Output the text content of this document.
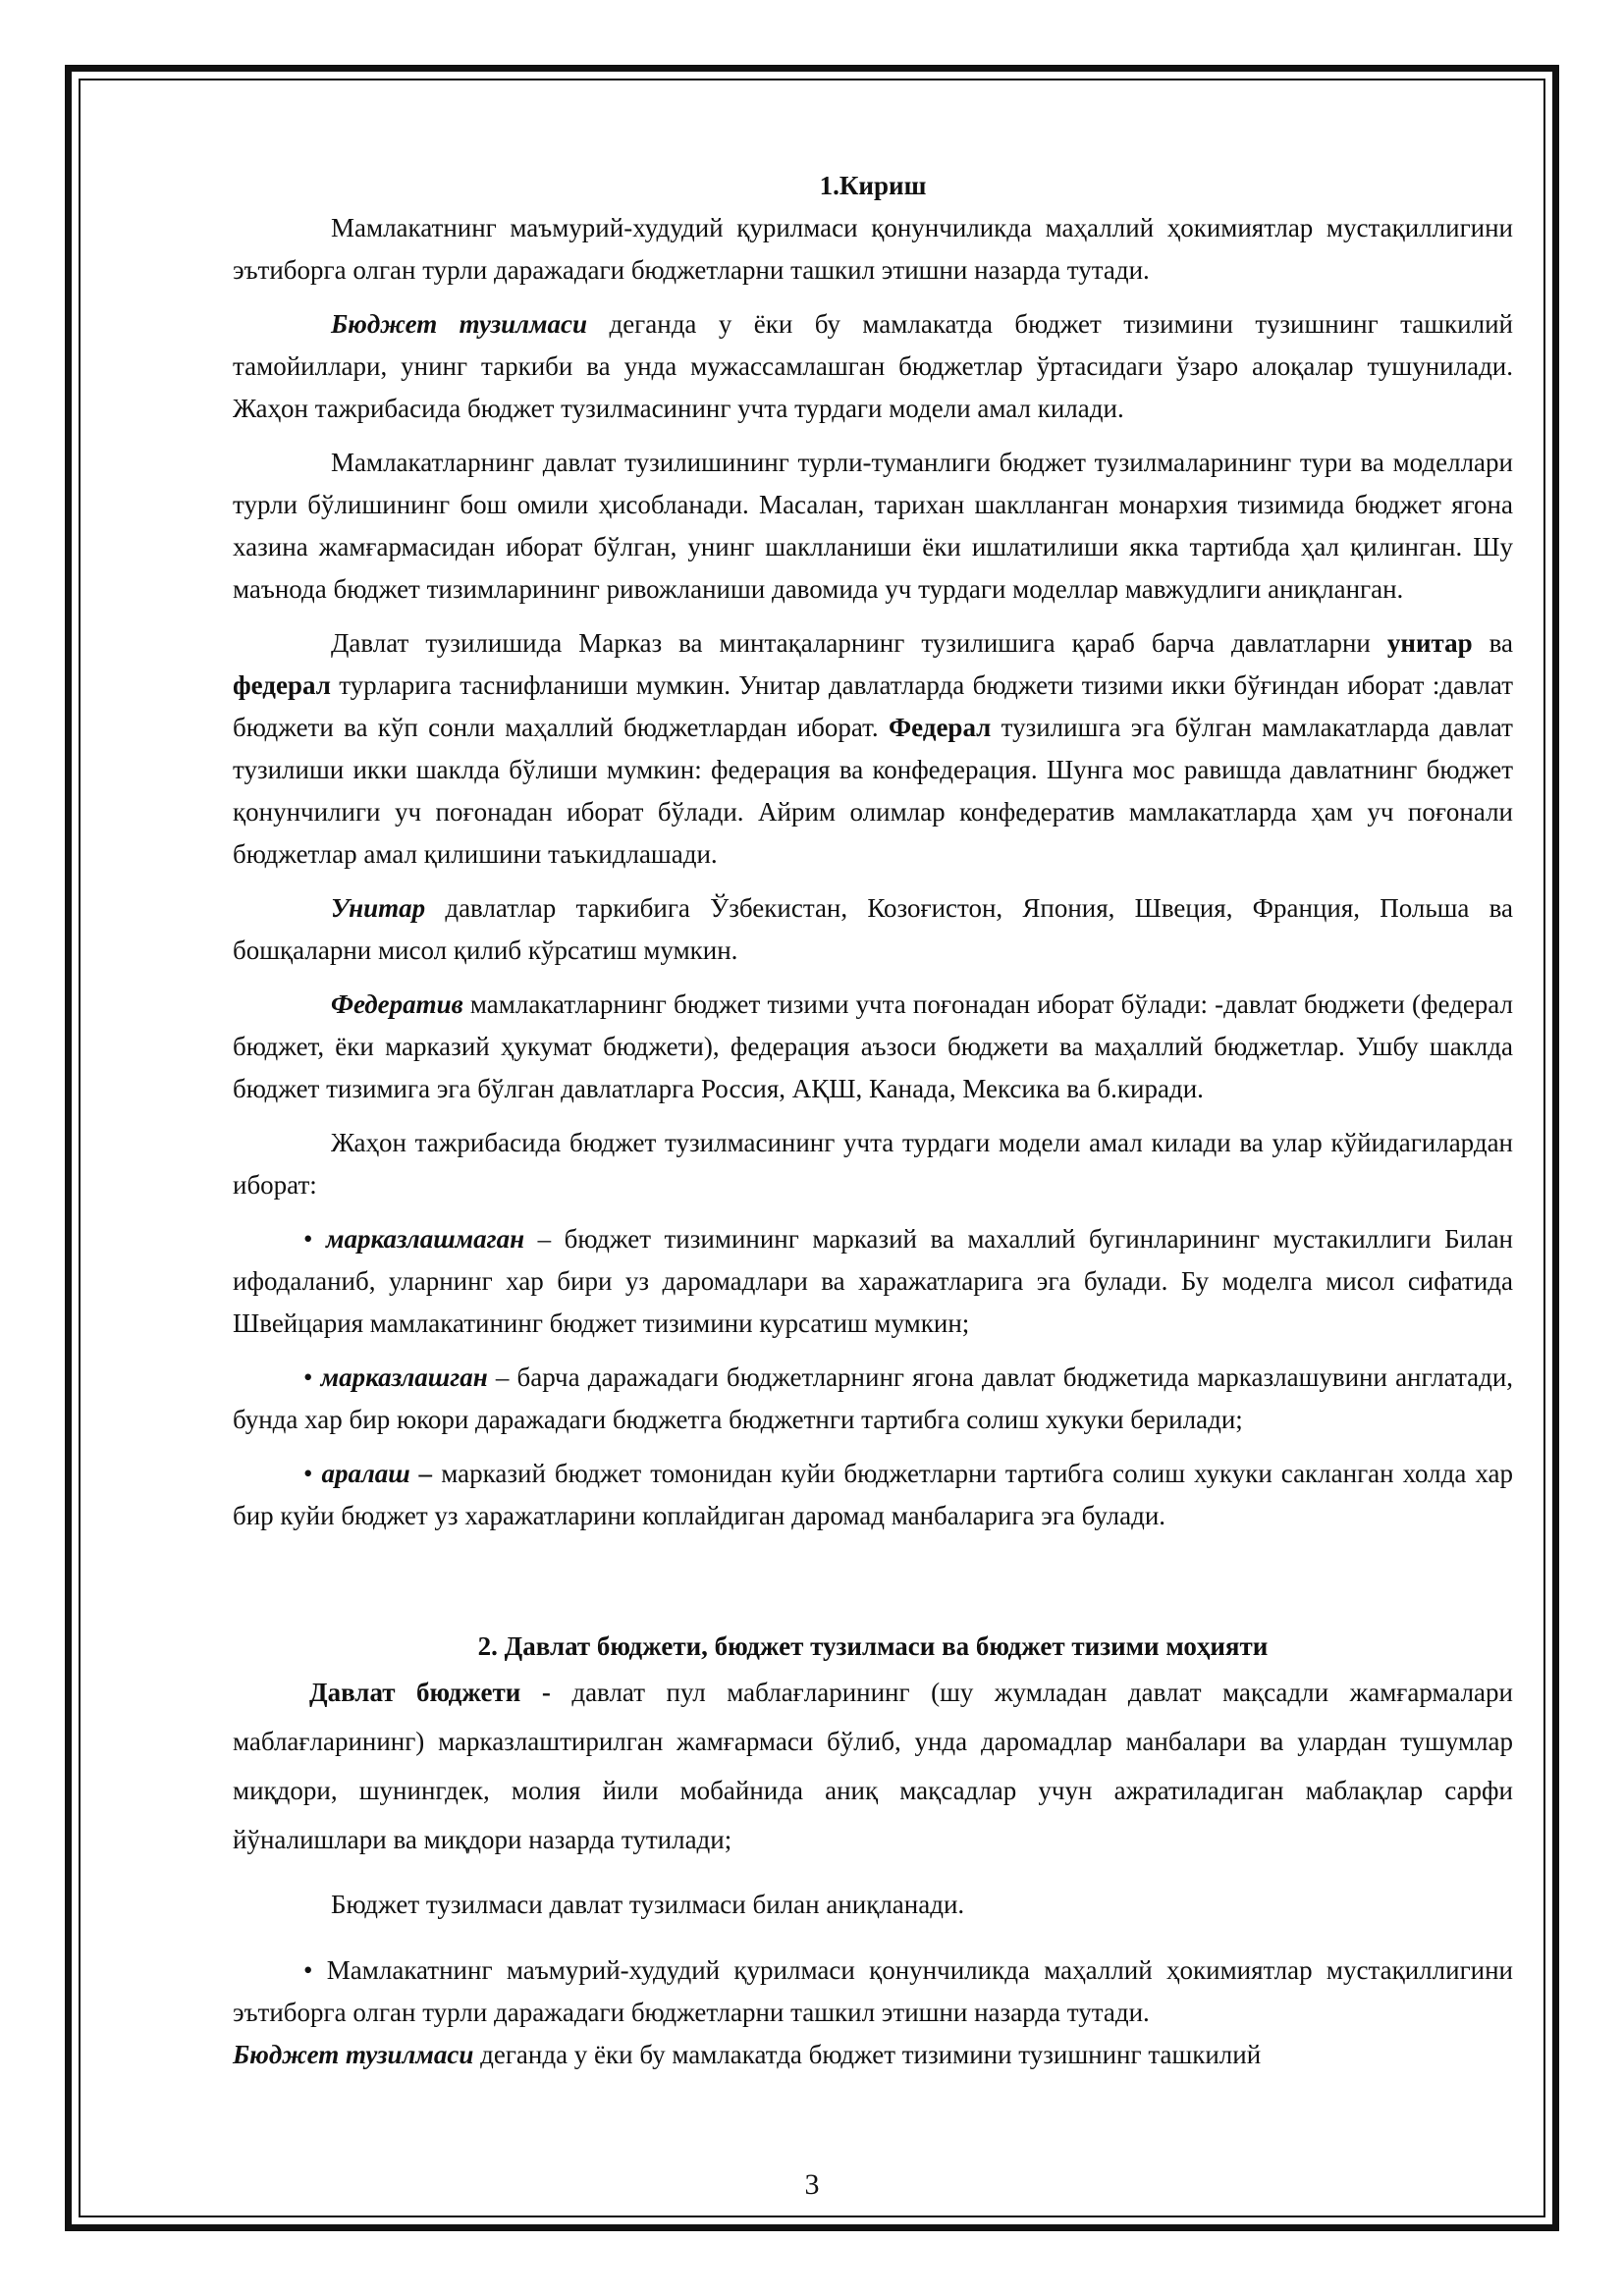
1.Кириш

Мамлакатнинг маъмурий-худудий қурилмаси қонунчиликда маҳаллий ҳокимиятлар мустақиллигини эътиборга олган турли даражадаги бюджетларни ташкил этишни назарда тутади.

Бюджет тузилмаси деганда у ёки бу мамлакатда бюджет тизимини тузишнинг ташкилий тамойиллари, унинг таркиби ва унда мужассамлашган бюджетлар ўртасидаги ўзаро алоқалар тушунилади. Жаҳон тажрибасида бюджет тузилмасининг учта турдаги модели амал килади.

Мамлакатларнинг давлат тузилишининг турли-туманлиги бюджет тузилмаларининг тури ва моделлари турли бўлишининг бош омили ҳисобланади. Масалан, тарихан шаклланган монархия тизимида бюджет ягона хазина жамғармасидан иборат бўлган, унинг шаклланиши ёки ишлатилиши якка тартибда ҳал қилинган. Шу маънода бюджет тизимларининг ривожланиши давомида уч турдаги моделлар мавжудлиги аниқланган.

Давлат тузилишида Марказ ва минтақаларнинг тузилишига қараб барча давлатларни унитар ва федерал турларига таснифланиши мумкин. Унитар давлатларда бюджети тизими икки бўғиндан иборат :давлат бюджети ва кўп сонли маҳаллий бюджетлардан иборат. Федерал тузилишга эга бўлган мамлакатларда давлат тузилиши икки шаклда бўлиши мумкин: федерация ва конфедерация. Шунга мос равишда давлатнинг бюджет қонунчилиги уч поғонадан иборат бўлади. Айрим олимлар конфедератив мамлакатларда ҳам уч поғонали бюджетлар амал қилишини таъкидлашади.

Унитар давлатлар таркибига Ўзбекистан, Козоғистон, Япония, Швеция, Франция, Польша ва бошқаларни мисол қилиб кўрсатиш мумкин.

Федератив мамлакатларнинг бюджет тизими учта поғонадан иборат бўлади: -давлат бюджети (федерал бюджет, ёки марказий ҳукумат бюджети), федерация аъзоси бюджети ва маҳаллий бюджетлар. Ушбу шаклда бюджет тизимига эга бўлган давлатларга Россия, АҚШ, Канада, Мексика ва б.киради.

Жаҳон тажрибасида бюджет тузилмасининг учта турдаги модели амал килади ва улар кўйидагилардан иборат:

• марказлашмаган – бюджет тизимининг марказий ва махаллий бугинларининг мустакиллиги Билан ифодаланиб, уларнинг хар бири уз даромадлари ва харажатларига эга булади. Бу моделга мисол сифатида Швейцария мамлакатининг бюджет тизимини курсатиш мумкин;

• марказлашган – барча даражадаги бюджетларнинг ягона давлат бюджетида марказлашувини англатади, бунда хар бир юкори даражадаги бюджетга бюджетнги тартибга солиш хукуки берилади;

• аралаш – марказий бюджет томонидан куйи бюджетларни тартибга солиш хукуки сакланган холда хар бир куйи бюджет уз харажатларини коплайдиган даромад манбаларига эга булади.

2. Давлат бюджети, бюджет тузилмаси ва бюджет тизими моҳияти

Давлат бюджети - давлат пул маблағларининг (шу жумладан давлат мақсадли жамғармалари маблағларининг) марказлаштирилган жамғармаси бўлиб, унда даромадлар манбалари ва улардан тушумлар миқдори, шунингдек, молия йили мобайнида аниқ мақсадлар учун ажратиладиган маблақлар сарфи йўналишлари ва миқдори назарда тутилади;

Бюджет тузилмаси давлат тузилмаси билан аниқланади.

• Мамлакатнинг маъмурий-худудий қурилмаси қонунчиликда маҳаллий ҳокимиятлар мустақиллигини эътиборга олган турли даражадаги бюджетларни ташкил этишни назарда тутади.

Бюджет тузилмаси деганда у ёки бу мамлакатда бюджет тизимини тузишнинг ташкилий

3
